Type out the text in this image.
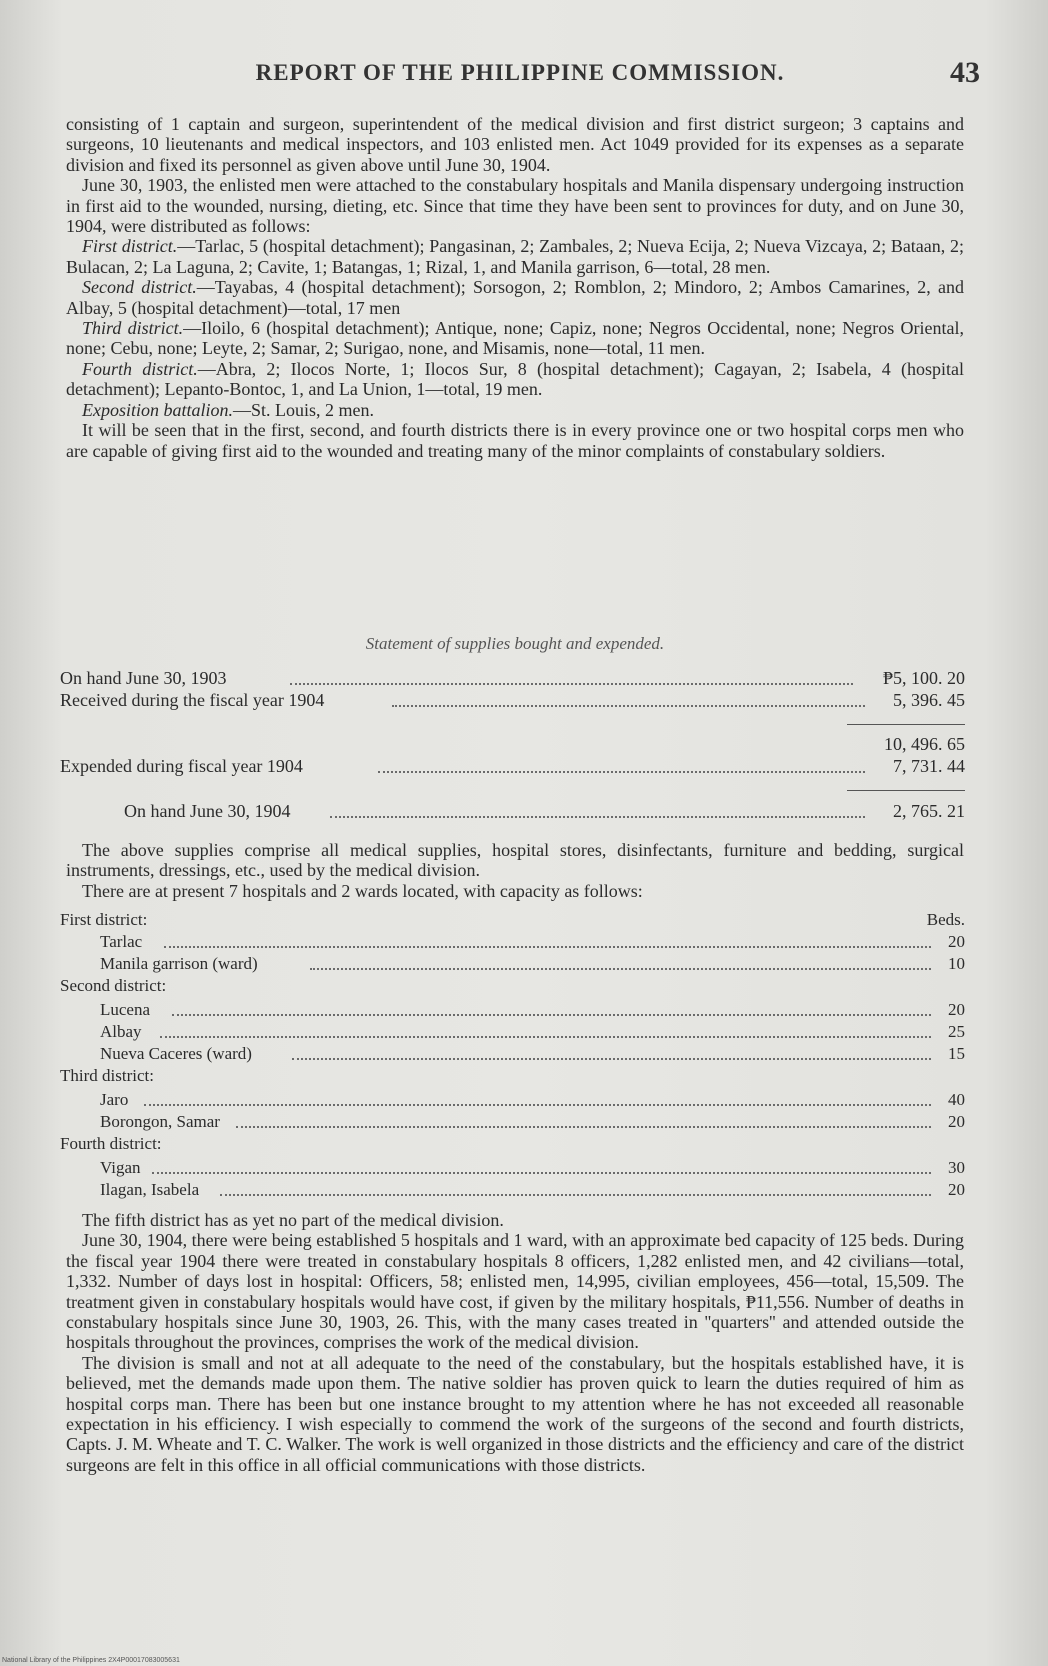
REPORT OF THE PHILIPPINE COMMISSION.	43

consisting of 1 captain and surgeon, superintendent of the medical division and first district surgeon; 3 captains and surgeons, 10 lieutenants and medical inspectors, and 103 enlisted men. Act 1049 provided for its expenses as a separate division and fixed its personnel as given above until June 30, 1904.

June 30, 1903, the enlisted men were attached to the constabulary hospitals and Manila dispensary undergoing instruction in first aid to the wounded, nursing, dieting, etc. Since that time they have been sent to provinces for duty, and on June 30, 1904, were distributed as follows:

First district.—Tarlac, 5 (hospital detachment); Pangasinan, 2; Zambales, 2; Nueva Ecija, 2; Nueva Vizcaya, 2; Bataan, 2; Bulacan, 2; La Laguna, 2; Cavite, 1; Batangas, 1; Rizal, 1, and Manila garrison, 6—total, 28 men.

Second district.—Tayabas, 4 (hospital detachment); Sorsogon, 2; Romblon, 2; Mindoro, 2; Ambos Camarines, 2, and Albay, 5 (hospital detachment)—total, 17 men

Third district.—Iloilo, 6 (hospital detachment); Antique, none; Capiz, none; Negros Occidental, none; Negros Oriental, none; Cebu, none; Leyte, 2; Samar, 2; Surigao, none, and Misamis, none—total, 11 men.

Fourth district.—Abra, 2; Ilocos Norte, 1; Ilocos Sur, 8 (hospital detachment); Cagayan, 2; Isabela, 4 (hospital detachment); Lepanto-Bontoc, 1, and La Union, 1—total, 19 men.

Exposition battalion.—St. Louis, 2 men.

It will be seen that in the first, second, and fourth districts there is in every province one or two hospital corps men who are capable of giving first aid to the wounded and treating many of the minor complaints of constabulary soldiers.

Statement of supplies bought and expended.
On hand June 30, 1903	₱5, 100. 20
Received during the fiscal year 1904	5, 396. 45
10, 496. 65
Expended during fiscal year 1904	7, 731. 44
On hand June 30, 1904	2, 765. 21

The above supplies comprise all medical supplies, hospital stores, disinfectants, furniture and bedding, surgical instruments, dressings, etc., used by the medical division.

There are at present 7 hospitals and 2 wards located, with capacity as follows:

First district:	Beds.
Tarlac	20
Manila garrison (ward)	10
Second district:
Lucena	20
Albay	25
Nueva Caceres (ward)	15
Third district:
Jaro	40
Borongon, Samar	20
Fourth district:
Vigan	30
Ilagan, Isabela	20

The fifth district has as yet no part of the medical division.

June 30, 1904, there were being established 5 hospitals and 1 ward, with an approximate bed capacity of 125 beds. During the fiscal year 1904 there were treated in constabulary hospitals 8 officers, 1,282 enlisted men, and 42 civilians—total, 1,332. Number of days lost in hospital: Officers, 58; enlisted men, 14,995, civilian employees, 456—total, 15,509. The treatment given in constabulary hospitals would have cost, if given by the military hospitals, ₱11,556. Number of deaths in constabulary hospitals since June 30, 1903, 26. This, with the many cases treated in ''quarters'' and attended outside the hospitals throughout the provinces, comprises the work of the medical division.

The division is small and not at all adequate to the need of the constabulary, but the hospitals established have, it is believed, met the demands made upon them. The native soldier has proven quick to learn the duties required of him as hospital corps man. There has been but one instance brought to my attention where he has not exceeded all reasonable expectation in his efficiency. I wish especially to commend the work of the surgeons of the second and fourth districts, Capts. J. M. Wheate and T. C. Walker. The work is well organized in those districts and the efficiency and care of the district surgeons are felt in this office in all official communications with those districts.

National Library of the Philippines 2X4P00017083005631
